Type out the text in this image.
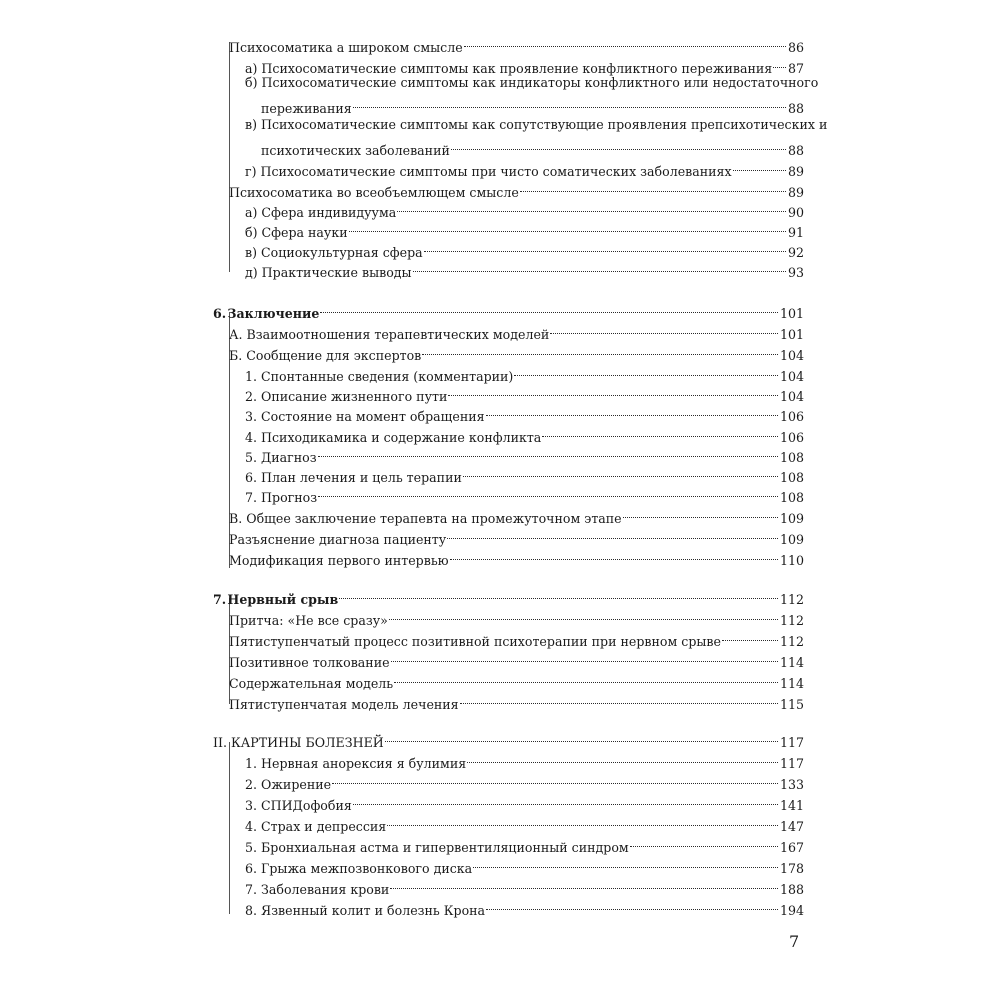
Психосоматика а широком смысле	86
а) Психосоматические симптомы как проявление конфликтного переживания 87
б) Психосоматические симптомы как индикаторы конфликтного или недостаточного
переживания	88
в) Психосоматические симптомы как сопутствующие проявления препсихотических и
психотических заболеваний	88
г) Психосоматические симптомы при чисто соматических заболеваниях	89
Психосоматика во всеобъемлющем смысле	89
а) Сфера индивидуума	90
б) Сфера науки	91
в) Социокультурная сфера	92
д) Практические выводы	93
6. Заключение	101
А. Взаимоотношения терапевтических моделей	101
Б. Сообщение для экспертов	104
1. Спонтанные сведения (комментарии)	104
2. Описание жизненного пути	104
3. Состояние на момент обращения	106
4. Психодикамика и содержание конфликта	106
5. Диагноз	108
6. План лечения и цель терапии	108
7. Прогноз	108
В. Общее заключение терапевта на промежуточном этапе	109
Разъяснение диагноза пациенту	109
Модификация первого интервью	110
7. Нервный срыв	112
Притча: «Не все сразу»	112
Пятиступенчатый процесс позитивной психотерапии при нервном срыве	112
Позитивное толкование	114
Содержательная модель	114
Пятиступенчатая модель лечения	115
II. КАРТИНЫ БОЛЕЗНЕЙ	117
1. Нервная анорексия я булимия	117
2. Ожирение	133
3. СПИДофобия	141
4. Страх и депрессия	147
5. Бронхиальная астма и гипервентиляционный синдром	167
6. Грыжа межпозвонкового диска	178
7. Заболевания крови	188
8. Язвенный колит и болезнь Крона	194
7
